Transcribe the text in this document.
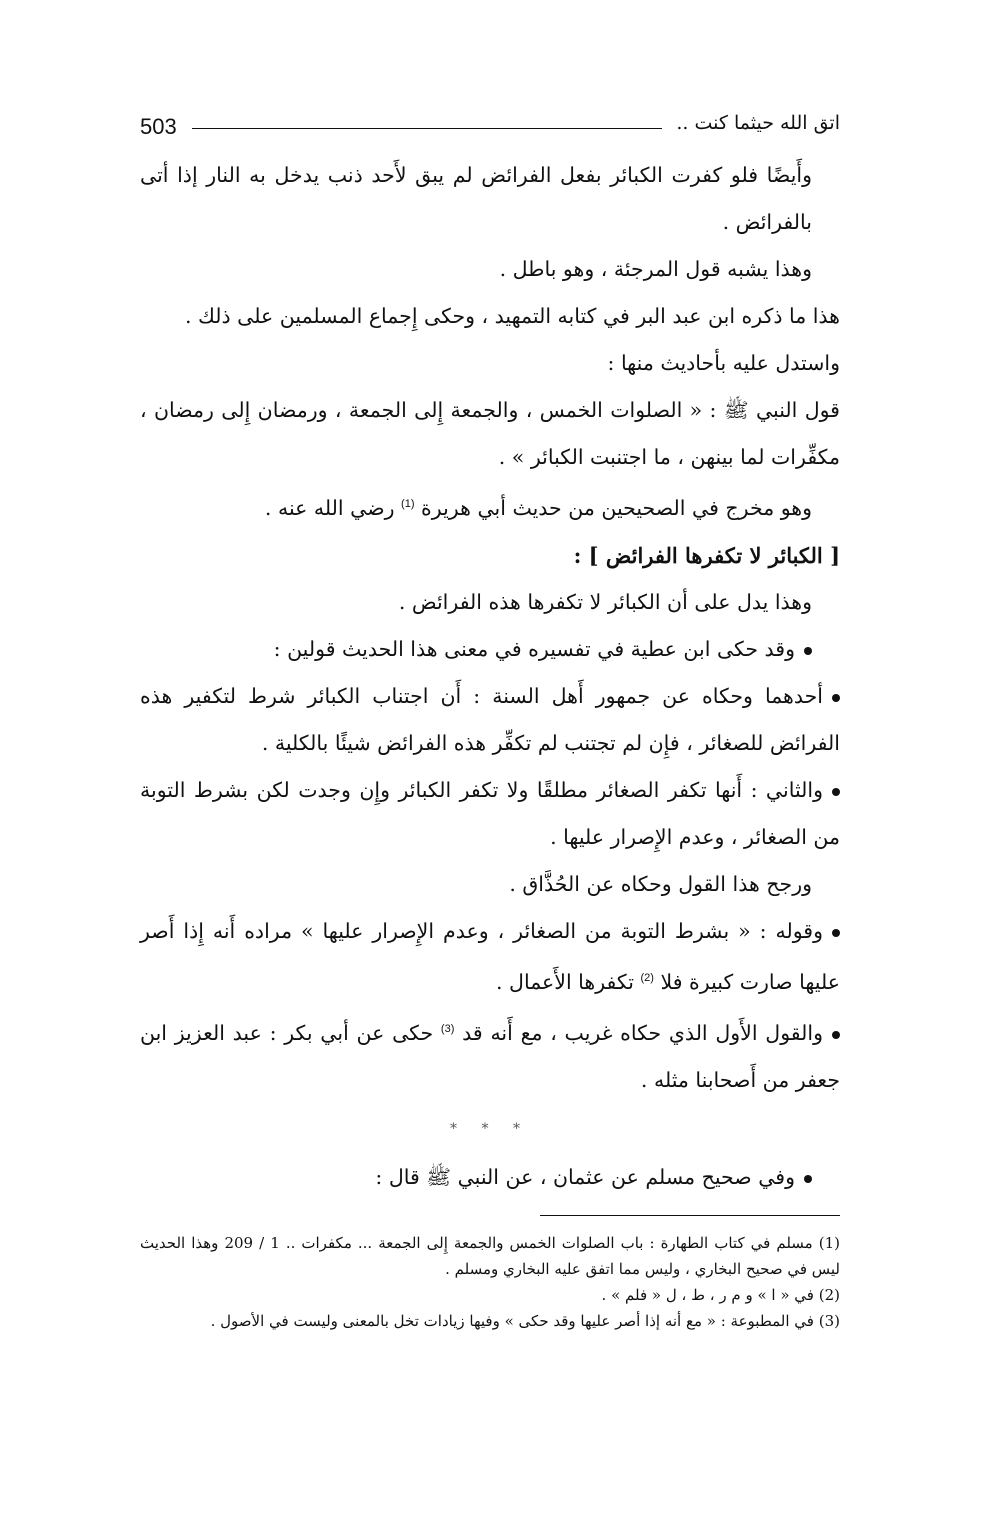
503	اتق الله حيثما كنت ..

وأَيضًا فلو كفرت الكبائر بفعل الفرائض لم يبق لأَحد ذنب يدخل به النار إذا أتى بالفرائض .

وهذا يشبه قول المرجئة ، وهو باطل .

هذا ما ذكره ابن عبد البر في كتابه التمهيد ، وحكى إِجماع المسلمين على ذلك .

واستدل عليه بأحاديث منها :

قول النبي ﷺ : « الصلوات الخمس ، والجمعة إِلى الجمعة ، ورمضان إِلى رمضان ، مكفِّرات لما بينهن ، ما اجتنبت الكبائر » .

وهو مخرج في الصحيحين من حديث أبي هريرة $^{(1)}$ رضي الله عنه .

[ الكبائر لا تكفرها الفرائض ] :

وهذا يدل على أن الكبائر لا تكفرها هذه الفرائض .

وقد حكى ابن عطية في تفسيره في معنى هذا الحديث قولين :

أحدهما وحكاه عن جمهور أَهل السنة : أَن اجتناب الكبائر شرط لتكفير هذه الفرائض للصغائر ، فإِن لم تجتنب لم تكفِّر هذه الفرائض شيئًا بالكلية .

والثاني : أَنها تكفر الصغائر مطلقًا ولا تكفر الكبائر وإِن وجدت لكن بشرط التوبة من الصغائر ، وعدم الإِصرار عليها .

ورجح هذا القول وحكاه عن الحُذَّاق .

وقوله : « بشرط التوبة من الصغائر ، وعدم الإِصرار عليها » مراده أَنه إِذا أَصر عليها صارت كبيرة فلا $^{(2)}$ تكفرها الأَعمال .

والقول الأَول الذي حكاه غريب ، مع أَنه قد $^{(3)}$ حكى عن أبي بكر : عبد العزيز ابن جعفر من أَصحابنا مثله .

* * *

وفي صحيح مسلم عن عثمان ، عن النبي ﷺ قال :

(1) مسلم في كتاب الطهارة : باب الصلوات الخمس والجمعة إِلى الجمعة ... مكفرات .. 1 / 209 وهذا الحديث ليس في صحيح البخاري ، وليس مما اتفق عليه البخاري ومسلم .

(2) في « ا » و م ر ، ط ، ل « فلم » .

(3) في المطبوعة : « مع أنه إذا أصر عليها وقد حكى » وفيها زيادات تخل بالمعنى وليست في الأصول .
